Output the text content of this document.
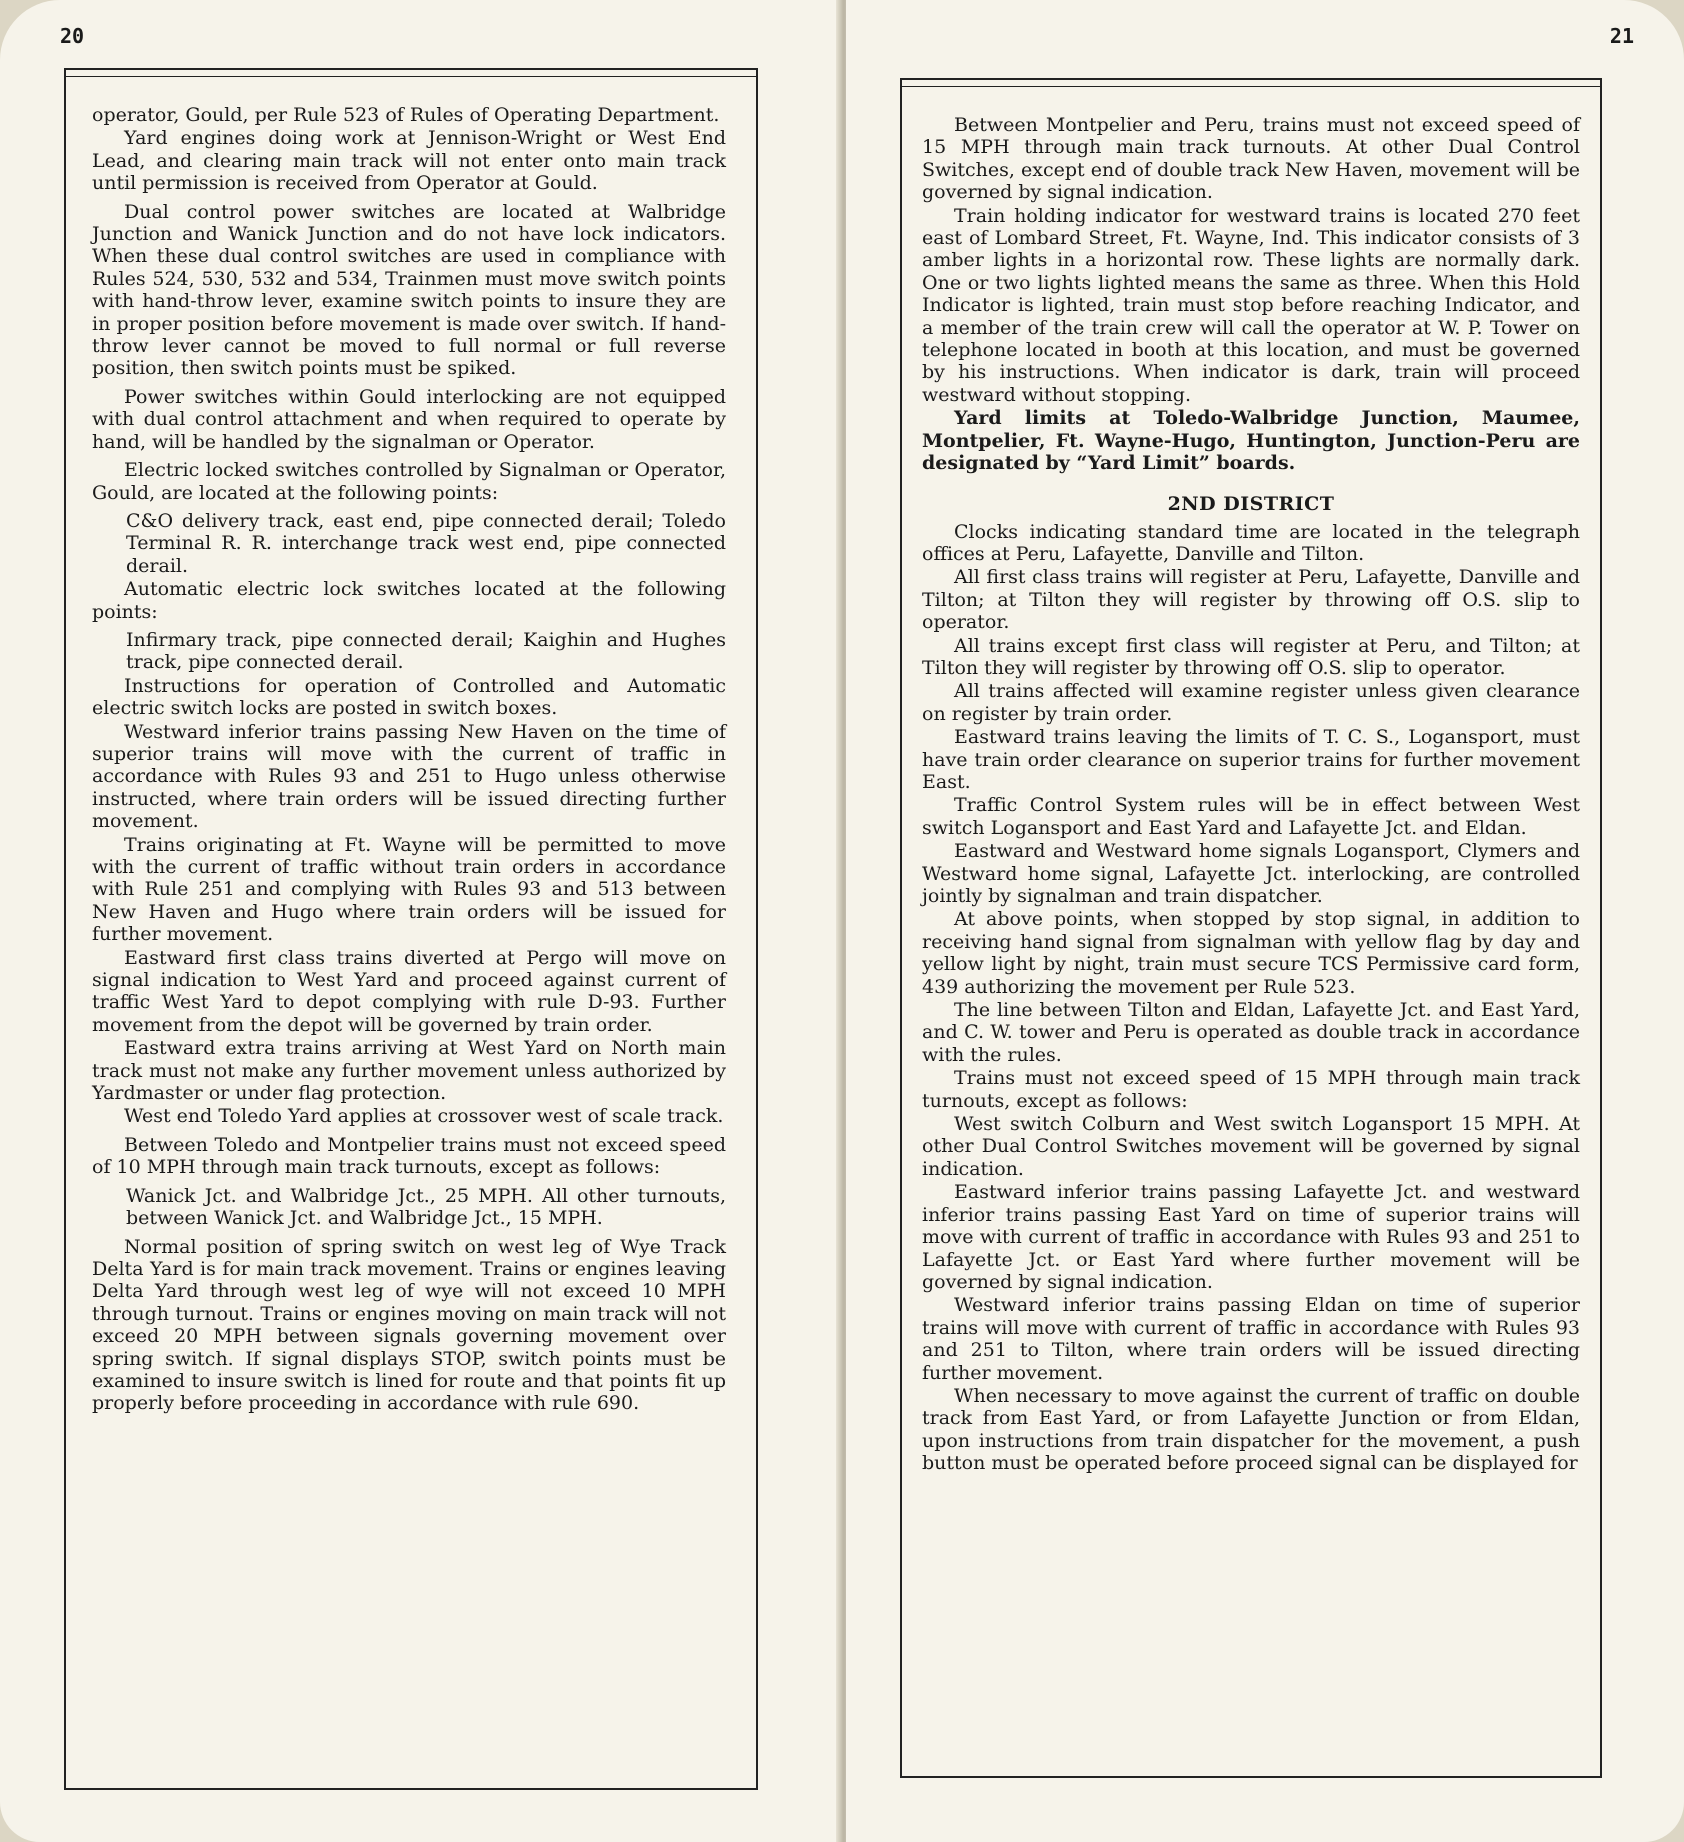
20

operator, Gould, per Rule 523 of Rules of Operating Department.

Yard engines doing work at Jennison-Wright or West End Lead, and clearing main track will not enter onto main track until permission is received from Operator at Gould.

Dual control power switches are located at Walbridge Junction and Wanick Junction and do not have lock indicators. When these dual control switches are used in compliance with Rules 524, 530, 532 and 534, Trainmen must move switch points with hand-throw lever, examine switch points to insure they are in proper position before movement is made over switch. If hand-throw lever cannot be moved to full normal or full reverse position, then switch points must be spiked.

Power switches within Gould interlocking are not equipped with dual control attachment and when required to operate by hand, will be handled by the signalman or Operator.

Electric locked switches controlled by Signalman or Operator, Gould, are located at the following points:

C&O delivery track, east end, pipe connected derail; Toledo Terminal R. R. interchange track west end, pipe connected derail.

Automatic electric lock switches located at the following points:

Infirmary track, pipe connected derail; Kaighin and Hughes track, pipe connected derail.

Instructions for operation of Controlled and Automatic electric switch locks are posted in switch boxes.

Westward inferior trains passing New Haven on the time of superior trains will move with the current of traffic in accordance with Rules 93 and 251 to Hugo unless otherwise instructed, where train orders will be issued directing further movement.

Trains originating at Ft. Wayne will be permitted to move with the current of traffic without train orders in accordance with Rule 251 and complying with Rules 93 and 513 between New Haven and Hugo where train orders will be issued for further movement.

Eastward first class trains diverted at Pergo will move on signal indication to West Yard and proceed against current of traffic West Yard to depot complying with rule D-93. Further movement from the depot will be governed by train order.

Eastward extra trains arriving at West Yard on North main track must not make any further movement unless authorized by Yardmaster or under flag protection.

West end Toledo Yard applies at crossover west of scale track.

Between Toledo and Montpelier trains must not exceed speed of 10 MPH through main track turnouts, except as follows:

Wanick Jct. and Walbridge Jct., 25 MPH. All other turnouts, between Wanick Jct. and Walbridge Jct., 15 MPH.

Normal position of spring switch on west leg of Wye Track Delta Yard is for main track movement. Trains or engines leaving Delta Yard through west leg of wye will not exceed 10 MPH through turnout. Trains or engines moving on main track will not exceed 20 MPH between signals governing movement over spring switch. If signal displays STOP, switch points must be examined to insure switch is lined for route and that points fit up properly before proceeding in accordance with rule 690.

21

Between Montpelier and Peru, trains must not exceed speed of 15 MPH through main track turnouts. At other Dual Control Switches, except end of double track New Haven, movement will be governed by signal indication.

Train holding indicator for westward trains is located 270 feet east of Lombard Street, Ft. Wayne, Ind. This indicator consists of 3 amber lights in a horizontal row. These lights are normally dark. One or two lights lighted means the same as three. When this Hold Indicator is lighted, train must stop before reaching Indicator, and a member of the train crew will call the operator at W. P. Tower on telephone located in booth at this location, and must be governed by his instructions. When indicator is dark, train will proceed westward without stopping.

Yard limits at Toledo-Walbridge Junction, Maumee, Montpelier, Ft. Wayne-Hugo, Huntington, Junction-Peru are designated by “Yard Limit” boards.

2ND DISTRICT

Clocks indicating standard time are located in the telegraph offices at Peru, Lafayette, Danville and Tilton.

All first class trains will register at Peru, Lafayette, Danville and Tilton; at Tilton they will register by throwing off O.S. slip to operator.

All trains except first class will register at Peru, and Tilton; at Tilton they will register by throwing off O.S. slip to operator.

All trains affected will examine register unless given clearance on register by train order.

Eastward trains leaving the limits of T. C. S., Logansport, must have train order clearance on superior trains for further movement East.

Traffic Control System rules will be in effect between West switch Logansport and East Yard and Lafayette Jct. and Eldan.

Eastward and Westward home signals Logansport, Clymers and Westward home signal, Lafayette Jct. interlocking, are controlled jointly by signalman and train dispatcher.

At above points, when stopped by stop signal, in addition to receiving hand signal from signalman with yellow flag by day and yellow light by night, train must secure TCS Permissive card form, 439 authorizing the movement per Rule 523.

The line between Tilton and Eldan, Lafayette Jct. and East Yard, and C. W. tower and Peru is operated as double track in accordance with the rules.

Trains must not exceed speed of 15 MPH through main track turnouts, except as follows:

West switch Colburn and West switch Logansport 15 MPH. At other Dual Control Switches movement will be governed by signal indication.

Eastward inferior trains passing Lafayette Jct. and westward inferior trains passing East Yard on time of superior trains will move with current of traffic in accordance with Rules 93 and 251 to Lafayette Jct. or East Yard where further movement will be governed by signal indication.

Westward inferior trains passing Eldan on time of superior trains will move with current of traffic in accordance with Rules 93 and 251 to Tilton, where train orders will be issued directing further movement.

When necessary to move against the current of traffic on double track from East Yard, or from Lafayette Junction or from Eldan, upon instructions from train dispatcher for the movement, a push button must be operated before proceed signal can be displayed for
